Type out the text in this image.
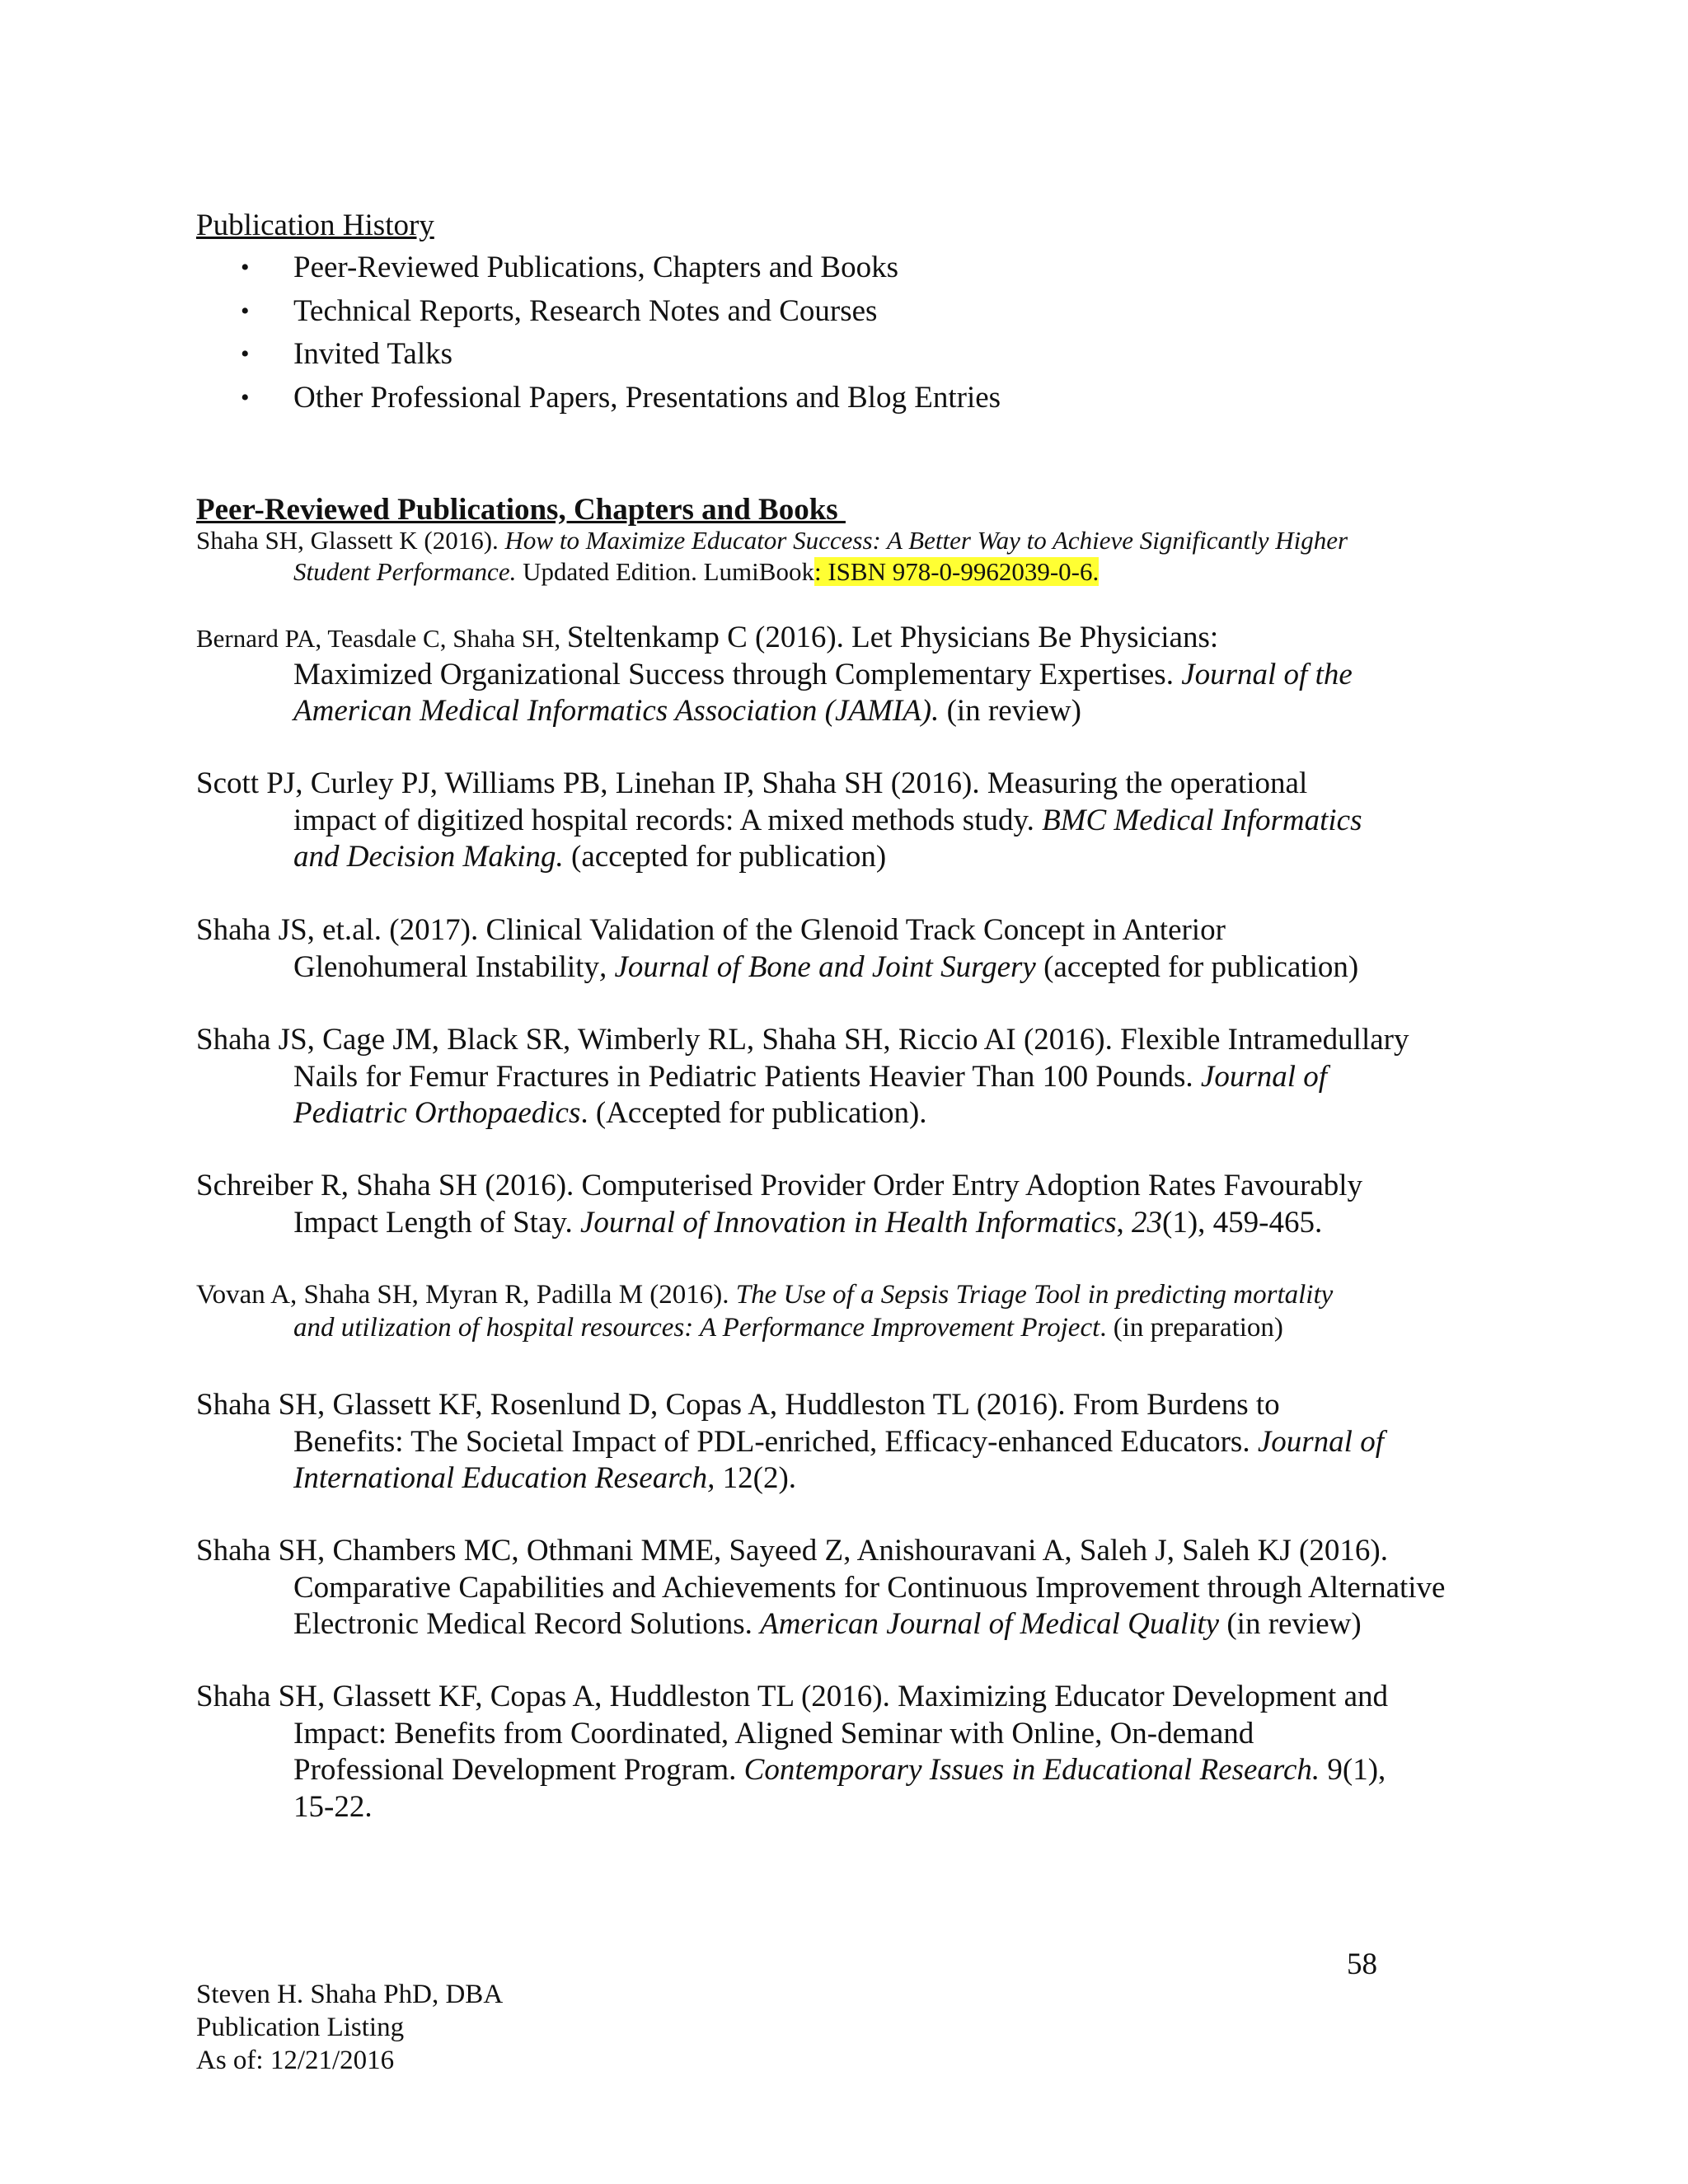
Publication History
• Peer-Reviewed Publications, Chapters and Books
• Technical Reports, Research Notes and Courses
• Invited Talks
• Other Professional Papers, Presentations and Blog Entries
Peer-Reviewed Publications, Chapters and Books
Shaha SH, Glassett K (2016). How to Maximize Educator Success: A Better Way to Achieve Significantly Higher
Student Performance. Updated Edition. LumiBook: ISBN 978-0-9962039-0-6.
Bernard PA, Teasdale C, Shaha SH, Steltenkamp C (2016). Let Physicians Be Physicians:
Maximized Organizational Success through Complementary Expertises. Journal of the
American Medical Informatics Association (JAMIA). (in review)
Scott PJ, Curley PJ, Williams PB, Linehan IP, Shaha SH (2016). Measuring the operational
impact of digitized hospital records: A mixed methods study. BMC Medical Informatics
and Decision Making. (accepted for publication)
Shaha JS, et.al. (2017). Clinical Validation of the Glenoid Track Concept in Anterior
Glenohumeral Instability, Journal of Bone and Joint Surgery (accepted for publication)
Shaha JS, Cage JM, Black SR, Wimberly RL, Shaha SH, Riccio AI (2016). Flexible Intramedullary
Nails for Femur Fractures in Pediatric Patients Heavier Than 100 Pounds. Journal of
Pediatric Orthopaedics. (Accepted for publication).
Schreiber R, Shaha SH (2016). Computerised Provider Order Entry Adoption Rates Favourably
Impact Length of Stay. Journal of Innovation in Health Informatics, 23(1), 459-465.
Vovan A, Shaha SH, Myran R, Padilla M (2016). The Use of a Sepsis Triage Tool in predicting mortality
and utilization of hospital resources: A Performance Improvement Project. (in preparation)
Shaha SH, Glassett KF, Rosenlund D, Copas A, Huddleston TL (2016). From Burdens to
Benefits: The Societal Impact of PDL-enriched, Efficacy-enhanced Educators. Journal of
International Education Research, 12(2).
Shaha SH, Chambers MC, Othmani MME, Sayeed Z, Anishouravani A, Saleh J, Saleh KJ (2016).
Comparative Capabilities and Achievements for Continuous Improvement through Alternative
Electronic Medical Record Solutions. American Journal of Medical Quality (in review)
Shaha SH, Glassett KF, Copas A, Huddleston TL (2016). Maximizing Educator Development and
Impact: Benefits from Coordinated, Aligned Seminar with Online, On-demand
Professional Development Program. Contemporary Issues in Educational Research. 9(1),
15-22.
58
Steven H. Shaha PhD, DBA
Publication Listing
As of: 12/21/2016
